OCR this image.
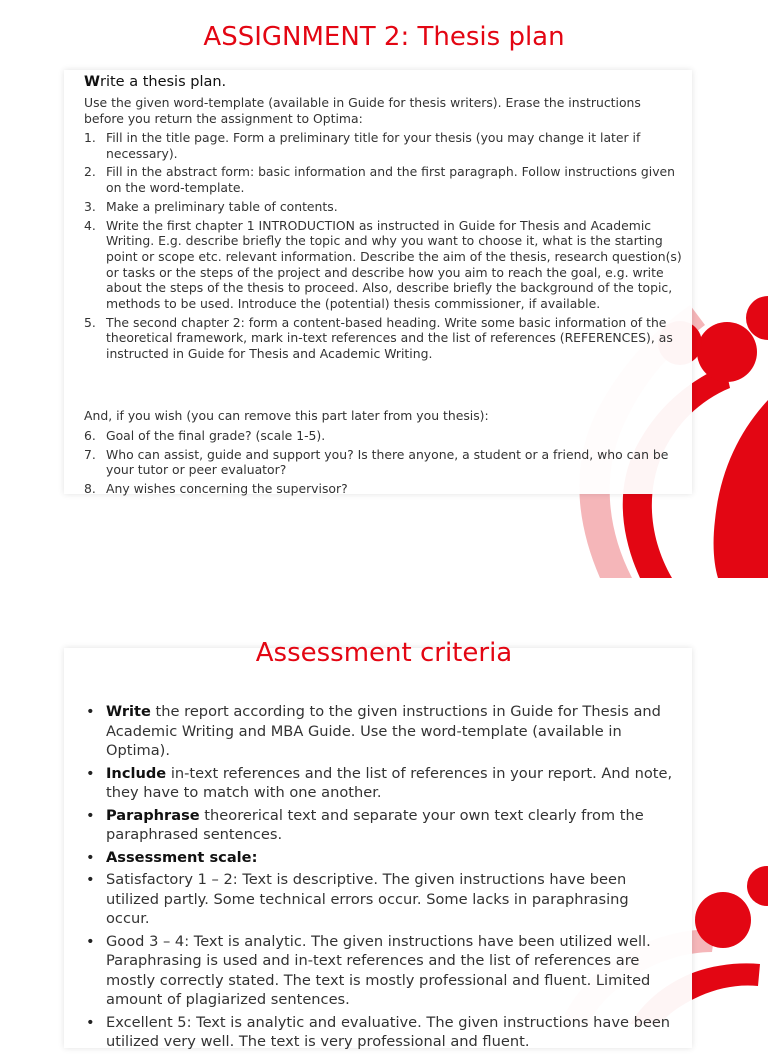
ASSIGNMENT 2: Thesis plan
Write a thesis plan.
Use the given word-template (available in Guide for thesis writers). Erase the instructions before you return the assignment to Optima:
1. Fill in the title page. Form a preliminary title for your thesis (you may change it later if necessary).
2. Fill in the abstract form: basic information and the first paragraph. Follow instructions given on the word-template.
3. Make a preliminary table of contents.
4. Write the first chapter 1 INTRODUCTION as instructed in Guide for Thesis and Academic Writing. E.g. describe briefly the topic and why you want to choose it, what is the starting point or scope etc. relevant information. Describe the aim of the thesis, research question(s) or tasks or the steps of the project and describe how you aim to reach the goal, e.g. write about the steps of the thesis to proceed. Also, describe briefly the background of the topic, methods to be used. Introduce the (potential) thesis commissioner, if available.
5. The second chapter 2: form a content-based heading. Write some basic information of the theoretical framework, mark in-text references and the list of references (REFERENCES), as instructed in Guide for Thesis and Academic Writing.
And, if you wish (you can remove this part later from you thesis):
6. Goal of the final grade? (scale 1-5).
7. Who can assist, guide and support you? Is there anyone, a student or a friend, who can be your tutor or peer evaluator?
8. Any wishes concerning the supervisor?
Assessment criteria
• Write the report according to the given instructions in Guide for Thesis and Academic Writing and MBA Guide. Use the word-template (available in Optima).
• Include in-text references and the list of references in your report. And note, they have to match with one another.
• Paraphrase theorerical text and separate your own text clearly from the paraphrased sentences.
• Assessment scale:
• Satisfactory 1 – 2: Text is descriptive. The given instructions have been utilized partly. Some technical errors occur. Some lacks in paraphrasing occur.
• Good 3 – 4: Text is analytic. The given instructions have been utilized well. Paraphrasing is used and in-text references and the list of references are mostly correctly stated. The text is mostly professional and fluent. Limited amount of plagiarized sentences.
• Excellent 5: Text is analytic and evaluative. The given instructions have been utilized very well. The text is very professional and fluent.
